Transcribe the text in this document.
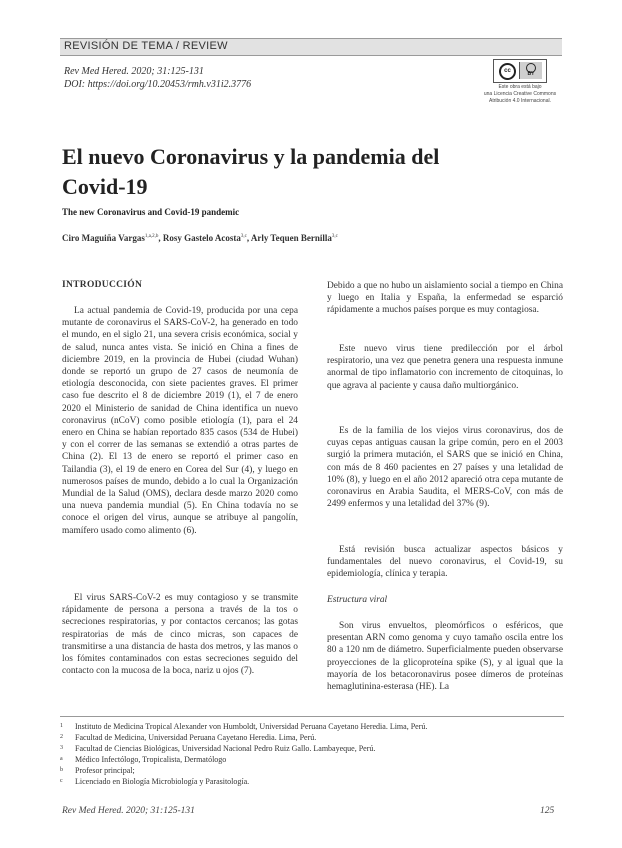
REVISIÓN DE TEMA / REVIEW
Rev Med Hered. 2020; 31:125-131
DOI: https://doi.org/10.20453/rmh.v31i2.3776
cc	BY
Este obra está bajo
una Licencia Creative Commons
Atribución 4.0 Internacional.
El nuevo Coronavirus y la pandemia del
Covid-19
The new Coronavirus and Covid-19 pandemic
Ciro Maguiña Vargas$^{1,a,2,b}$, Rosy Gastelo Acosta$^{3,c}$, Arly Tequen Bernilla$^{3,c}$
INTRODUCCIÓN

La actual pandemia de Covid-19, producida por una cepa mutante de coronavirus el SARS-CoV-2, ha generado en todo el mundo, en el siglo 21, una severa crisis económica, social y de salud, nunca antes vista. Se inició en China a fines de diciembre 2019, en la provincia de Hubei (ciudad Wuhan) donde se reportó un grupo de 27 casos de neumonía de etiología desconocida, con siete pacientes graves. El primer caso fue descrito el 8 de diciembre 2019 (1), el 7 de enero 2020 el Ministerio de sanidad de China identifica un nuevo coronavirus (nCoV) como posible etiología (1), para el 24 enero en China se habían reportado 835 casos (534 de Hubei) y con el correr de las semanas se extendió a otras partes de China (2). El 13 de enero se reportó el primer caso en Tailandia (3), el 19 de enero en Corea del Sur (4), y luego en numerosos países de mundo, debido a lo cual la Organización Mundial de la Salud (OMS), declara desde marzo 2020 como una nueva pandemia mundial (5). En China todavía no se conoce el origen del virus, aunque se atribuye al pangolín, mamífero usado como alimento (6).

El virus SARS-CoV-2 es muy contagioso y se transmite rápidamente de persona a persona a través de la tos o secreciones respiratorias, y por contactos cercanos; las gotas respiratorias de más de cinco micras, son capaces de transmitirse a una distancia de hasta dos metros, y las manos o los fómites contaminados con estas secreciones seguido del contacto con la mucosa de la boca, nariz u ojos (7).

Debido a que no hubo un aislamiento social a tiempo en China y luego en Italia y España, la enfermedad se esparció rápidamente a muchos países porque es muy contagiosa.

Este nuevo virus tiene predilección por el árbol respiratorio, una vez que penetra genera una respuesta inmune anormal de tipo inflamatorio con incremento de citoquinas, lo que agrava al paciente y causa daño multiorgánico.

Es de la familia de los viejos virus coronavirus, dos de cuyas cepas antiguas causan la gripe común, pero en el 2003 surgió la primera mutación, el SARS que se inició en China, con más de 8 460 pacientes en 27 países y una letalidad de 10% (8), y luego en el año 2012 apareció otra cepa mutante de coronavirus en Arabia Saudita, el MERS-CoV, con más de 2499 enfermos y una letalidad del 37% (9).

Está revisión busca actualizar aspectos básicos y fundamentales del nuevo coronavirus, el Covid-19, su epidemiología, clínica y terapia.

Estructura viral

Son virus envueltos, pleomórficos o esféricos, que presentan ARN como genoma y cuyo tamaño oscila entre los 80 a 120 nm de diámetro. Superficialmente pueden observarse proyecciones de la glicoproteína spike (S), y al igual que la mayoría de los betacoronavirus posee dímeros de proteínas hemaglutinina-esterasa (HE). La

1 Instituto de Medicina Tropical Alexander von Humboldt, Universidad Peruana Cayetano Heredia. Lima, Perú.
2 Facultad de Medicina, Universidad Peruana Cayetano Heredia. Lima, Perú.
3 Facultad de Ciencias Biológicas, Universidad Nacional Pedro Ruiz Gallo. Lambayeque, Perú.
a Médico Infectólogo, Tropicalista, Dermatólogo
b Profesor principal;
c Licenciado en Biología Microbiología y Parasitología.
Rev Med Hered. 2020; 31:125-131	125
